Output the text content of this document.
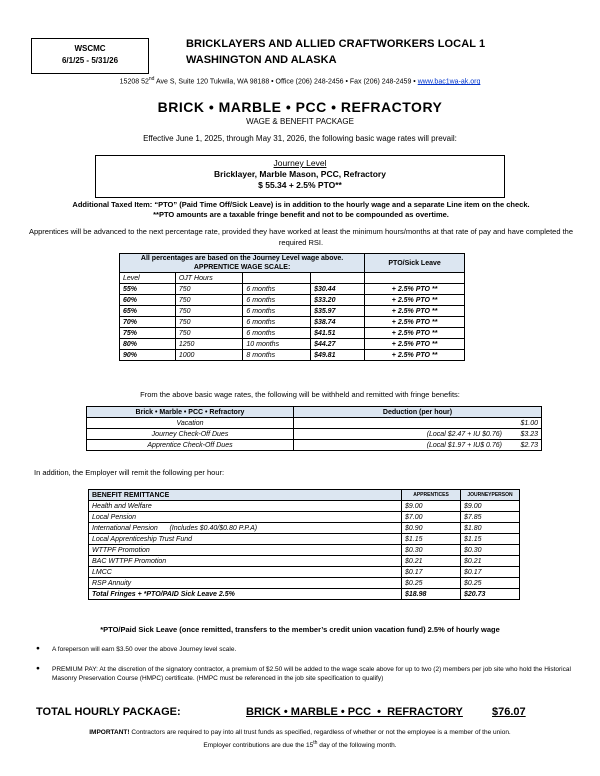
WSCMC
6/1/25 - 5/31/26
BRICKLAYERS AND ALLIED CRAFTWORKERS LOCAL 1
WASHINGTON AND ALASKA
15208 52nd Ave S, Suite 120 Tukwila, WA 98188 • Office (206) 248-2456 • Fax (206) 248-2459 • www.bac1wa-ak.org
BRICK • MARBLE • PCC • REFRACTORY
WAGE & BENEFIT PACKAGE
Effective June 1, 2025, through May 31, 2026, the following basic wage rates will prevail:
Journey Level
Bricklayer, Marble Mason, PCC, Refractory
$ 55.34 + 2.5% PTO**
Additional Taxed Item: “PTO” (Paid Time Off/Sick Leave) is in addition to the hourly wage and a separate Line item on the check.
**PTO amounts are a taxable fringe benefit and not to be compounded as overtime.
Apprentices will be advanced to the next percentage rate, provided they have worked at least the minimum hours/months at that rate of pay and have completed the required RSI.
All percentages are based on the Journey Level wage above.
APPRENTICE WAGE SCALE:				PTO/Sick Leave
Level	OJT Hours			
55%	750	6 months	$30.44	+ 2.5% PTO **
60%	750	6 months	$33.20	+ 2.5% PTO **
65%	750	6 months	$35.97	+ 2.5% PTO **
70%	750	6 months	$38.74	+ 2.5% PTO **
75%	750	6 months	$41.51	+ 2.5% PTO **
80%	1250	10 months	$44.27	+ 2.5% PTO **
90%	1000	8 months	$49.81	+ 2.5% PTO **
From the above basic wage rates, the following will be withheld and remitted with fringe benefits:
Brick • Marble • PCC • Refractory	Deduction (per hour)	
Vacation		$1.00
Journey Check-Off Dues	(Local $2.47 + IU $0.76)	$3.23
Apprentice Check-Off Dues	(Local $1.97 + IU$ 0.76)	$2.73
In addition, the Employer will remit the following per hour:
BENEFIT REMITTANCE	APPRENTICES	JOURNEYPERSON
Health and Welfare	$9.00	$9.00
Local Pension	$7.00	$7.85
International Pension      (Includes $0.40/$0.80 P.P.A)	$0.90	$1.80
Local Apprenticeship Trust Fund	$1.15	$1.15
WTTPF Promotion	$0.30	$0.30
BAC WTTPF Promotion	$0.21	$0.21
LMCC	$0.17	$0.17
RSP Annuity	$0.25	$0.25
Total Fringes + *PTO/PAID Sick Leave 2.5%	$18.98	$20.73
*PTO/Paid Sick Leave (once remitted, transfers to the member’s credit union vacation fund) 2.5% of hourly wage
● A foreperson will earn $3.50 over the above Journey level scale.
● PREMIUM PAY: At the discretion of the signatory contractor, a premium of $2.50 will be added to the wage scale above for up to two (2) members per job site who hold the Historical Masonry Preservation Course (HMPC) certificate. (HMPC must be referenced in the job site specification to qualify)
TOTAL HOURLY PACKAGE:	BRICK • MARBLE • PCC  •  REFRACTORY	$76.07
IMPORTANT! Contractors are required to pay into all trust funds as specified, regardless of whether or not the employee is a member of the union.
Employer contributions are due the 15th day of the following month.
